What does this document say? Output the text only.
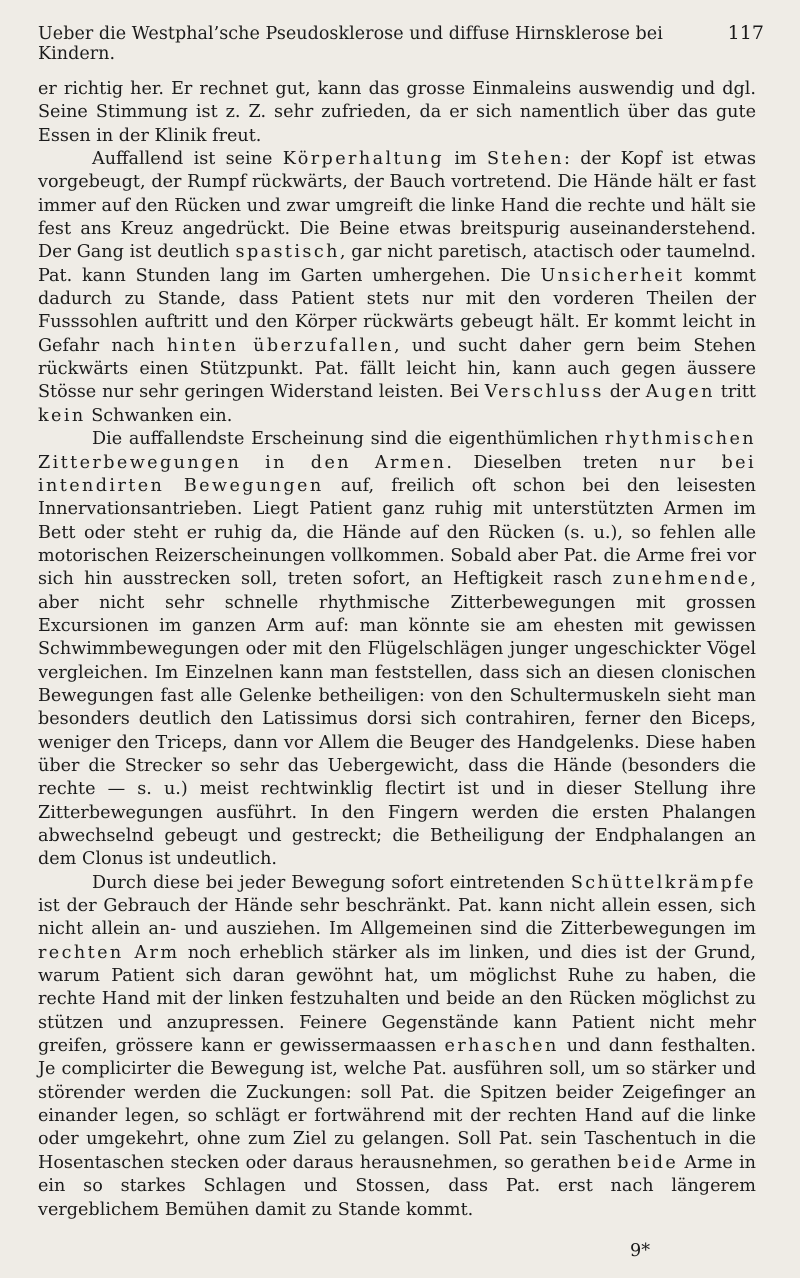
Ueber die Westphal’sche Pseudosklerose und diffuse Hirnsklerose bei Kindern.
117

er richtig her. Er rechnet gut, kann das grosse Einmaleins auswendig und dgl. Seine Stimmung ist z. Z. sehr zufrieden, da er sich namentlich über das gute Essen in der Klinik freut.

Auffallend ist seine Körperhaltung im Stehen: der Kopf ist etwas vorgebeugt, der Rumpf rückwärts, der Bauch vortretend. Die Hände hält er fast immer auf den Rücken und zwar umgreift die linke Hand die rechte und hält sie fest ans Kreuz angedrückt. Die Beine etwas breitspurig auseinanderstehend. Der Gang ist deutlich spastisch, gar nicht paretisch, atactisch oder taumelnd. Pat. kann Stunden lang im Garten umhergehen. Die Unsicherheit kommt dadurch zu Stande, dass Patient stets nur mit den vorderen Theilen der Fusssohlen auftritt und den Körper rückwärts gebeugt hält. Er kommt leicht in Gefahr nach hinten überzufallen, und sucht daher gern beim Stehen rückwärts einen Stützpunkt. Pat. fällt leicht hin, kann auch gegen äussere Stösse nur sehr geringen Widerstand leisten. Bei Verschluss der Augen tritt kein Schwanken ein.

Die auffallendste Erscheinung sind die eigenthümlichen rhythmischen Zitterbewegungen in den Armen. Dieselben treten nur bei intendirten Bewegungen auf, freilich oft schon bei den leisesten Innervationsantrieben. Liegt Patient ganz ruhig mit unterstützten Armen im Bett oder steht er ruhig da, die Hände auf den Rücken (s. u.), so fehlen alle motorischen Reizerscheinungen vollkommen. Sobald aber Pat. die Arme frei vor sich hin ausstrecken soll, treten sofort, an Heftigkeit rasch zunehmende, aber nicht sehr schnelle rhythmische Zitterbewegungen mit grossen Excursionen im ganzen Arm auf: man könnte sie am ehesten mit gewissen Schwimmbewegungen oder mit den Flügelschlägen junger ungeschickter Vögel vergleichen. Im Einzelnen kann man feststellen, dass sich an diesen clonischen Bewegungen fast alle Gelenke betheiligen: von den Schultermuskeln sieht man besonders deutlich den Latissimus dorsi sich contrahiren, ferner den Biceps, weniger den Triceps, dann vor Allem die Beuger des Handgelenks. Diese haben über die Strecker so sehr das Uebergewicht, dass die Hände (besonders die rechte — s. u.) meist rechtwinklig flectirt ist und in dieser Stellung ihre Zitterbewegungen ausführt. In den Fingern werden die ersten Phalangen abwechselnd gebeugt und gestreckt; die Betheiligung der Endphalangen an dem Clonus ist undeutlich.

Durch diese bei jeder Bewegung sofort eintretenden Schüttelkrämpfe ist der Gebrauch der Hände sehr beschränkt. Pat. kann nicht allein essen, sich nicht allein an- und ausziehen. Im Allgemeinen sind die Zitterbewegungen im rechten Arm noch erheblich stärker als im linken, und dies ist der Grund, warum Patient sich daran gewöhnt hat, um möglichst Ruhe zu haben, die rechte Hand mit der linken festzuhalten und beide an den Rücken möglichst zu stützen und anzupressen. Feinere Gegenstände kann Patient nicht mehr greifen, grössere kann er gewissermaassen erhaschen und dann festhalten. Je complicirter die Bewegung ist, welche Pat. ausführen soll, um so stärker und störender werden die Zuckungen: soll Pat. die Spitzen beider Zeigefinger an einander legen, so schlägt er fortwährend mit der rechten Hand auf die linke oder umgekehrt, ohne zum Ziel zu gelangen. Soll Pat. sein Taschentuch in die Hosentaschen stecken oder daraus herausnehmen, so gerathen beide Arme in ein so starkes Schlagen und Stossen, dass Pat. erst nach längerem vergeblichem Bemühen damit zu Stande kommt.

9*
